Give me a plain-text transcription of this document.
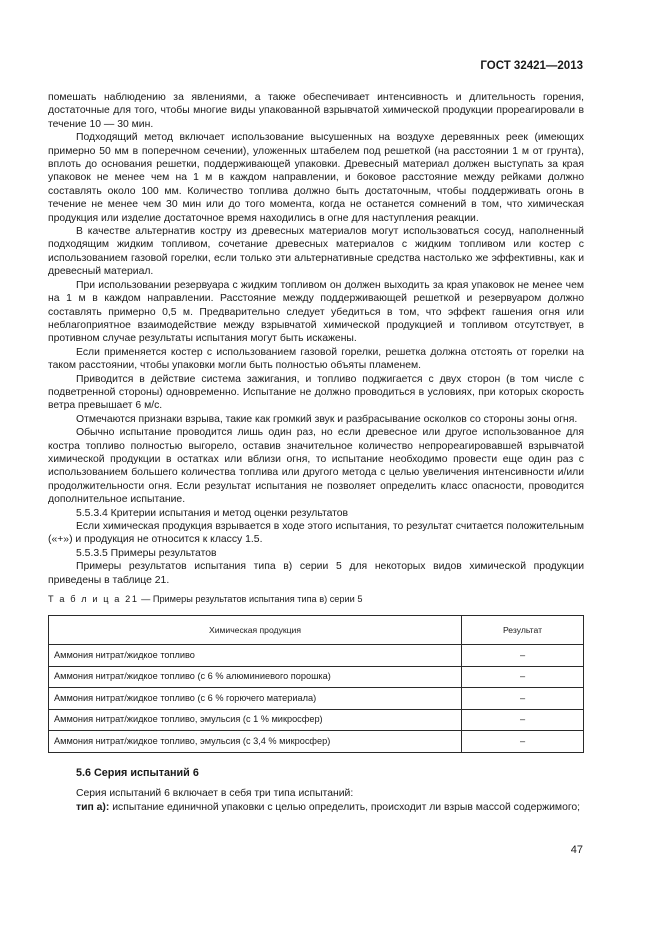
ГОСТ 32421—2013

помешать наблюдению за явлениями, а также обеспечивает интенсивность и длительность горения, достаточные для того, чтобы многие виды упакованной взрывчатой химической продукции прореагировали в течение 10 — 30 мин.

Подходящий метод включает использование высушенных на воздухе деревянных реек (имеющих примерно 50 мм в поперечном сечении), уложенных штабелем под решеткой (на расстоянии 1 м от грунта), вплоть до основания решетки, поддерживающей упаковки. Древесный материал должен выступать за края упаковок не менее чем на 1 м в каждом направлении, и боковое расстояние между рейками должно составлять около 100 мм. Количество топлива должно быть достаточным, чтобы поддерживать огонь в течение не менее чем 30 мин или до того момента, когда не останется сомнений в том, что химическая продукция или изделие достаточное время находились в огне для наступления реакции.

В качестве альтернатив костру из древесных материалов могут использоваться сосуд, наполненный подходящим жидким топливом, сочетание древесных материалов с жидким топливом или костер с использованием газовой горелки, если только эти альтернативные средства настолько же эффективны, как и древесный материал.

При использовании резервуара с жидким топливом он должен выходить за края упаковок не менее чем на 1 м в каждом направлении. Расстояние между поддерживающей решеткой и резервуаром должно составлять примерно 0,5 м. Предварительно следует убедиться в том, что эффект гашения огня или неблагоприятное взаимодействие между взрывчатой химической продукцией и топливом отсутствует, в противном случае результаты испытания могут быть искажены.

Если применяется костер с использованием газовой горелки, решетка должна отстоять от горелки на таком расстоянии, чтобы упаковки могли быть полностью объяты пламенем.

Приводится в действие система зажигания, и топливо поджигается с двух сторон (в том числе с подветренной стороны) одновременно. Испытание не должно проводиться в условиях, при которых скорость ветра превышает 6 м/с.

Отмечаются признаки взрыва, такие как громкий звук и разбрасывание осколков со стороны зоны огня.

Обычно испытание проводится лишь один раз, но если древесное или другое использованное для костра топливо полностью выгорело, оставив значительное количество непрореагировавшей взрывчатой химической продукции в остатках или вблизи огня, то испытание необходимо провести еще один раз с использованием большего количества топлива или другого метода с целью увеличения интенсивности и/или продолжительности огня. Если результат испытания не позволяет определить класс опасности, проводится дополнительное испытание.

5.5.3.4 Критерии испытания и метод оценки результатов

Если химическая продукция взрывается в ходе этого испытания, то результат считается положительным («+») и продукция не относится к классу 1.5.

5.5.3.5 Примеры результатов

Примеры результатов испытания типа в) серии 5 для некоторых видов химической продукции приведены в таблице 21.

Т а б л и ц а 21 — Примеры результатов испытания типа в) серии 5

Химическая продукция	Результат
Аммония нитрат/жидкое топливо	–
Аммония нитрат/жидкое топливо (с 6 % алюминиевого порошка)	–
Аммония нитрат/жидкое топливо (с 6 % горючего материала)	–
Аммония нитрат/жидкое топливо, эмульсия (с 1 % микросфер)	–
Аммония нитрат/жидкое топливо, эмульсия (с 3,4 % микросфер)	–

5.6 Серия испытаний 6

Серия испытаний 6 включает в себя три типа испытаний:

тип а): испытание единичной упаковки с целью определить, происходит ли взрыв массой содержимого;

47
